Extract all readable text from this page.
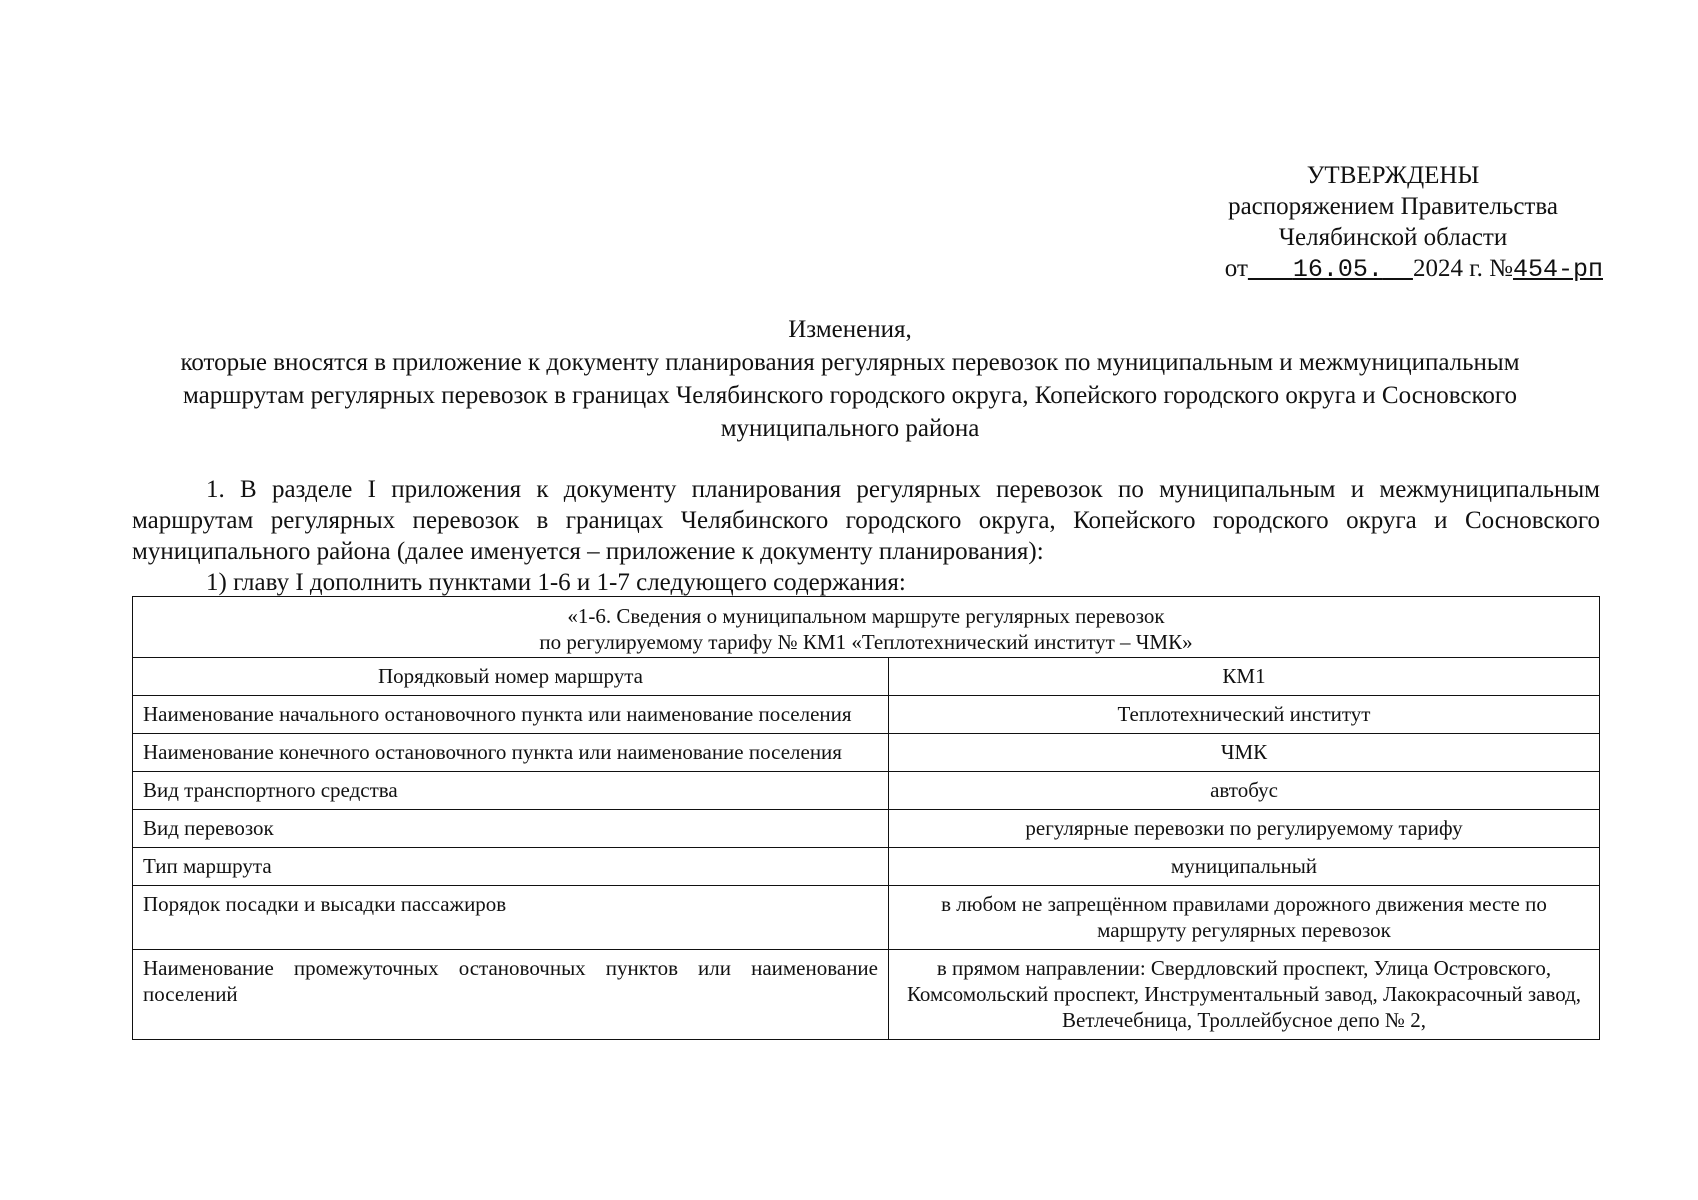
УТВЕРЖДЕНЫ
распоряжением Правительства
Челябинской области
от 16.05. 2024 г. №454-рп
Изменения,
которые вносятся в приложение к документу планирования регулярных перевозок по муниципальным и межмуниципальным маршрутам регулярных перевозок в границах Челябинского городского округа, Копейского городского округа и Сосновского муниципального района
1. В разделе I приложения к документу планирования регулярных перевозок по муниципальным и межмуниципальным маршрутам регулярных перевозок в границах Челябинского городского округа, Копейского городского округа и Сосновского муниципального района (далее именуется – приложение к документу планирования):
1) главу I дополнить пунктами 1-6 и 1-7 следующего содержания:
«1-6. Сведения о муниципальном маршруте регулярных перевозок
по регулируемому тарифу № КМ1 «Теплотехнический институт – ЧМК»	

Порядковый номер маршрута	КМ1
Наименование начального остановочного пункта или наименование поселения	Теплотехнический институт
Наименование конечного остановочного пункта или наименование поселения	ЧМК
Вид транспортного средства	автобус
Вид перевозок	регулярные перевозки по регулируемому тарифу
Тип маршрута	муниципальный
Порядок посадки и высадки пассажиров	в любом не запрещённом правилами дорожного движения месте по маршруту регулярных перевозок
Наименование промежуточных остановочных пунктов или наименование поселений	в прямом направлении: Свердловский проспект, Улица Островского, Комсомольский проспект, Инструментальный завод, Лакокрасочный завод, Ветлечебница, Троллейбусное депо № 2,
